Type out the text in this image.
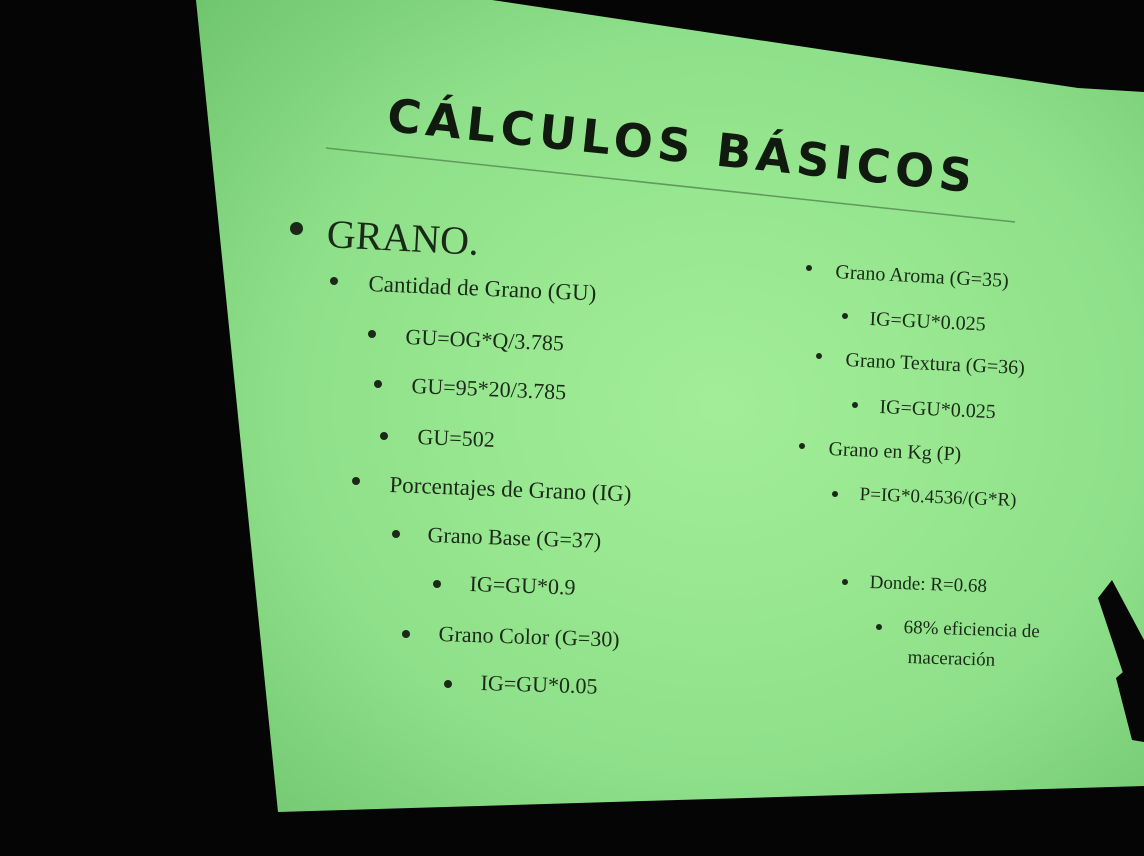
CÁLCULOS BÁSICOS
GRANO.
Cantidad de Grano (GU)
GU=OG*Q/3.785
GU=95*20/3.785
GU=502
Porcentajes de Grano (IG)
Grano Base (G=37)
IG=GU*0.9
Grano Color (G=30)
IG=GU*0.05
Grano Aroma (G=35)
IG=GU*0.025
Grano Textura (G=36)
IG=GU*0.025
Grano en Kg (P)
P=IG*0.4536/(G*R)
Donde: R=0.68
68% eficiencia de
maceración
